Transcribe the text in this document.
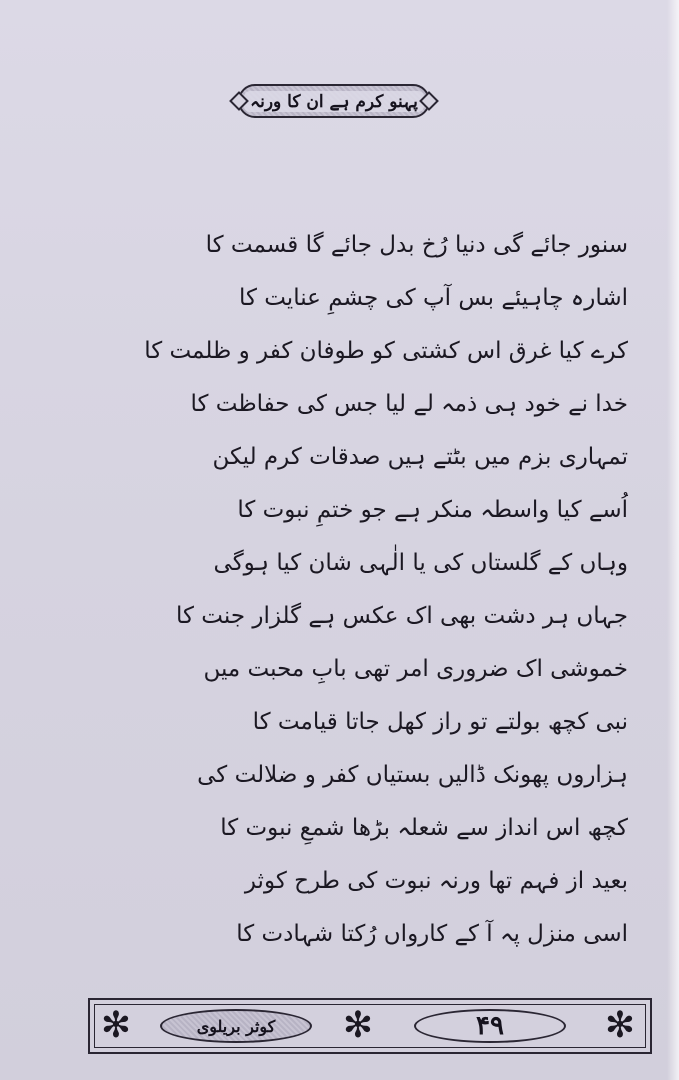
پہنو کرم ہے ان کا ورنہ
سنور جائے گی دنیا رُخ بدل جائے گا قسمت کا
اشارہ چاہیئے بس آپ کی چشمِ عنایت کا
کرے کیا غرق اس کشتی کو طوفان کفر و ظلمت کا
خدا نے خود ہی ذمہ لے لیا جس کی حفاظت کا
تمہاری بزم میں بٹتے ہیں صدقات کرم لیکن
اُسے کیا واسطہ منکر ہے جو ختمِ نبوت کا
وہاں کے گلستاں کی یا الٰہی شان کیا ہوگی
جہاں ہر دشت بھی اک عکس ہے گلزار جنت کا
خموشی اک ضروری امر تھی بابِ محبت میں
نبی کچھ بولتے تو راز کھل جاتا قیامت کا
ہزاروں پھونک ڈالیں بستیاں کفر و ضلالت کی
کچھ اس انداز سے شعلہ بڑھا شمعِ نبوت کا
بعید از فہم تھا ورنہ نبوت کی طرح کوثر
اسی منزل پہ آ کے کارواں رُکتا شہادت کا
✻	کوثر بریلوی ✻	۴۹	✻
